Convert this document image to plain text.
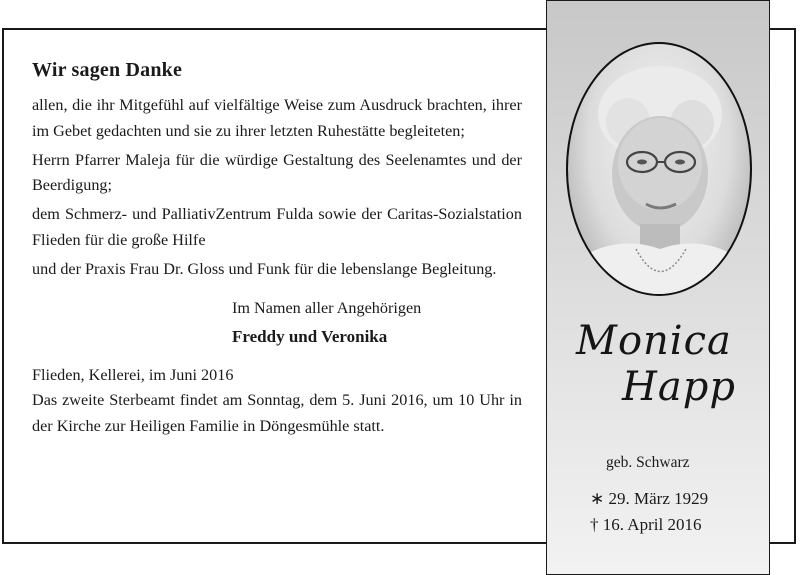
Wir sagen Danke

allen, die ihr Mitgefühl auf vielfältige Weise zum Ausdruck brachten, ihrer im Gebet gedachten und sie zu ihrer letzten Ruhestätte begleiteten;

Herrn Pfarrer Maleja für die würdige Gestaltung des Seelenamtes und der Beerdigung;

dem Schmerz- und PalliativZentrum Fulda sowie der Caritas-Sozialstation Flieden für die große Hilfe

und der Praxis Frau Dr. Gloss und Funk für die lebenslange Begleitung.

Im Namen aller Angehörigen
Freddy und Veronika
Flieden, Kellerei, im Juni 2016

Das zweite Sterbeamt findet am Sonntag, dem 5. Juni 2016, um 10 Uhr in der Kirche zur Heiligen Familie in Döngesmühle statt.

Monica
Happ
geb. Schwarz
∗ 29. März 1929
† 16. April 2016
